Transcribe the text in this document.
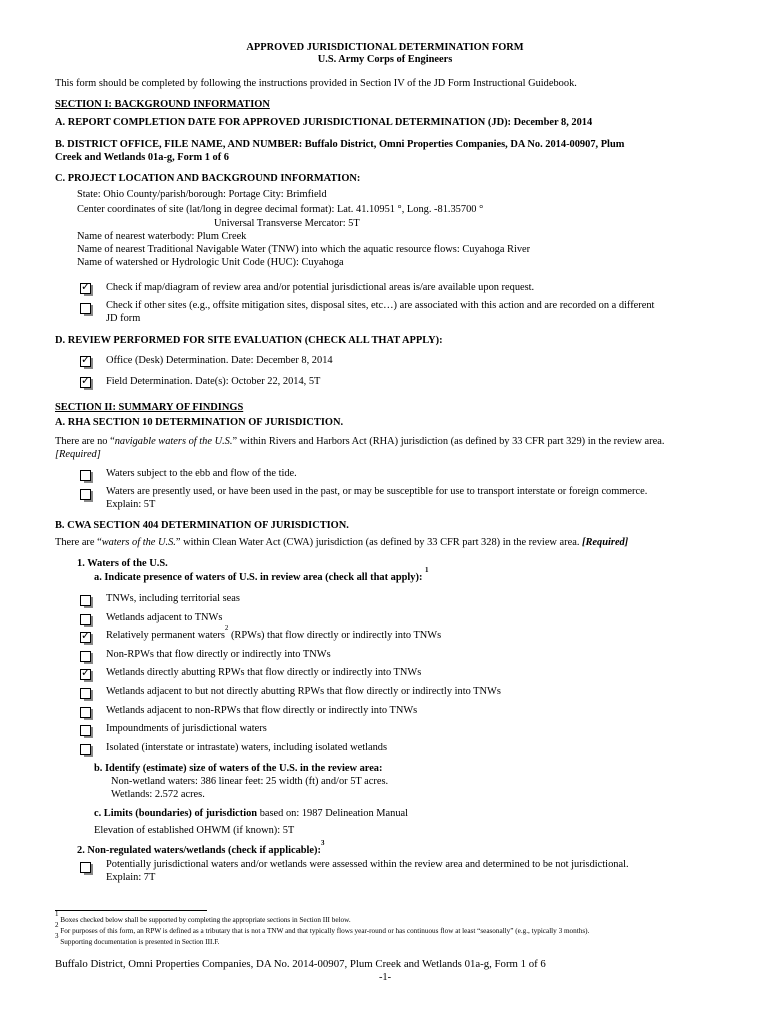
APPROVED JURISDICTIONAL DETERMINATION FORM
U.S. Army Corps of Engineers
This form should be completed by following the instructions provided in Section IV of the JD Form Instructional Guidebook.
SECTION I: BACKGROUND INFORMATION
A. REPORT COMPLETION DATE FOR APPROVED JURISDICTIONAL DETERMINATION (JD): December 8, 2014
B. DISTRICT OFFICE, FILE NAME, AND NUMBER: Buffalo District, Omni Properties Companies, DA No. 2014-00907, Plum
Creek and Wetlands 01a-g, Form 1 of 6
C. PROJECT LOCATION AND BACKGROUND INFORMATION:
State: Ohio County/parish/borough: Portage City: Brimfield
Center coordinates of site (lat/long in degree decimal format): Lat. 41.10951 °, Long. -81.35700 °
Universal Transverse Mercator: 5T
Name of nearest waterbody: Plum Creek
Name of nearest Traditional Navigable Water (TNW) into which the aquatic resource flows: Cuyahoga River
Name of watershed or Hydrologic Unit Code (HUC): Cuyahoga
✓ Check if map/diagram of review area and/or potential jurisdictional areas is/are available upon request.
Check if other sites (e.g., offsite mitigation sites, disposal sites, etc…) are associated with this action and are recorded on a different
JD form
D. REVIEW PERFORMED FOR SITE EVALUATION (CHECK ALL THAT APPLY):
✓ Office (Desk) Determination. Date: December 8, 2014
✓ Field Determination. Date(s): October 22, 2014, 5T
SECTION II: SUMMARY OF FINDINGS
A. RHA SECTION 10 DETERMINATION OF JURISDICTION.
There are no “navigable waters of the U.S.” within Rivers and Harbors Act (RHA) jurisdiction (as defined by 33 CFR part 329) in the review area.
[Required]
Waters subject to the ebb and flow of the tide.
Waters are presently used, or have been used in the past, or may be susceptible for use to transport interstate or foreign commerce.
Explain: 5T
B. CWA SECTION 404 DETERMINATION OF JURISDICTION.
There are “waters of the U.S.” within Clean Water Act (CWA) jurisdiction (as defined by 33 CFR part 328) in the review area. [Required]
1. Waters of the U.S.
a. Indicate presence of waters of U.S. in review area (check all that apply): $^1$
TNWs, including territorial seas
Wetlands adjacent to TNWs
✓ Relatively permanent waters$^2$ (RPWs) that flow directly or indirectly into TNWs
Non-RPWs that flow directly or indirectly into TNWs
✓ Wetlands directly abutting RPWs that flow directly or indirectly into TNWs
Wetlands adjacent to but not directly abutting RPWs that flow directly or indirectly into TNWs
Wetlands adjacent to non-RPWs that flow directly or indirectly into TNWs
Impoundments of jurisdictional waters
Isolated (interstate or intrastate) waters, including isolated wetlands
b. Identify (estimate) size of waters of the U.S. in the review area:
Non-wetland waters: 386 linear feet: 25 width (ft) and/or 5T acres.
Wetlands: 2.572 acres.
c. Limits (boundaries) of jurisdiction based on: 1987 Delineation Manual
Elevation of established OHWM (if known): 5T
2. Non-regulated waters/wetlands (check if applicable):$^3$
Potentially jurisdictional waters and/or wetlands were assessed within the review area and determined to be not jurisdictional.
Explain: 7T
$^1$ Boxes checked below shall be supported by completing the appropriate sections in Section III below.
$^2$ For purposes of this form, an RPW is defined as a tributary that is not a TNW and that typically flows year-round or has continuous flow at least “seasonally” (e.g., typically 3 months).
$^3$ Supporting documentation is presented in Section III.F.
Buffalo District, Omni Properties Companies, DA No. 2014-00907, Plum Creek and Wetlands 01a-g, Form 1 of 6
-1-
